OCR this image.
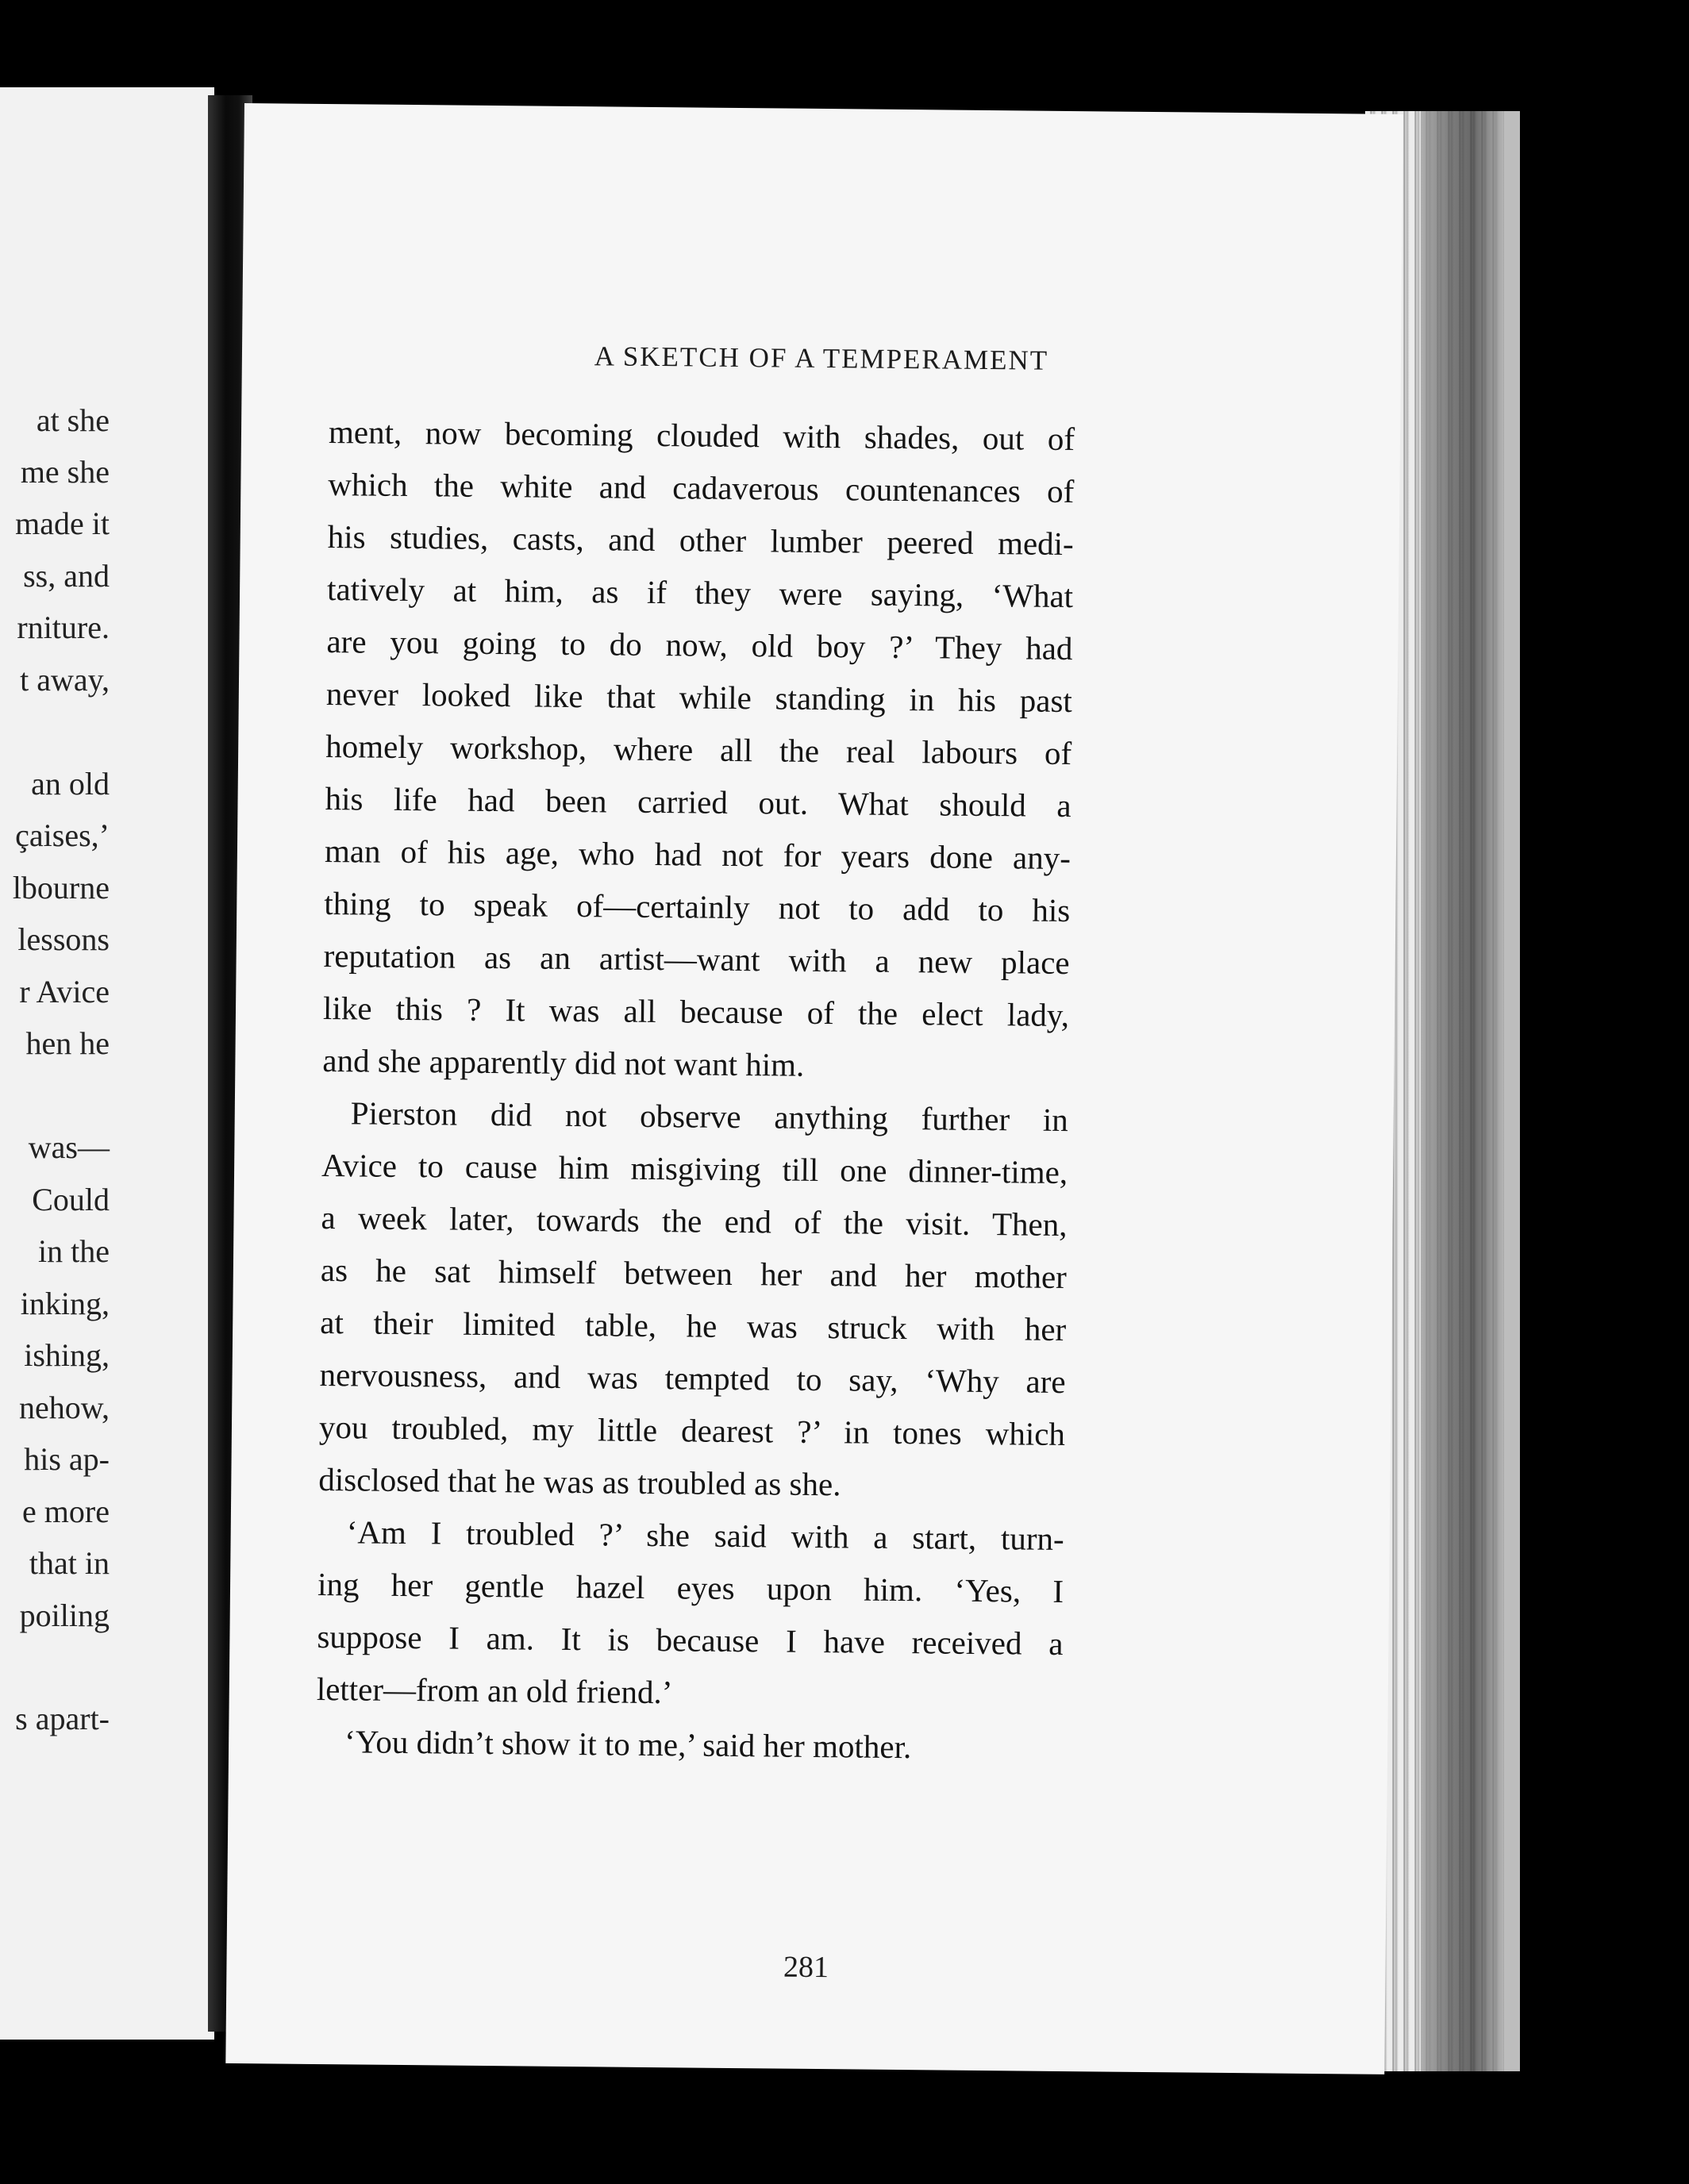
at she
me she
made it
ss, and
rniture.
t away,
an old
çaises,’
lbourne
lessons
r Avice
hen he
was—
Could
in the
inking,
ishing,
nehow,
his ap-
e more
that in
poiling
s apart-
A SKETCH OF A TEMPERAMENT
ment, now becoming clouded with shades, out of
which the white and cadaverous countenances of
his studies, casts, and other lumber peered medi-
tatively at him, as if they were saying, ‘What
are you going to do now, old boy ?’ They had
never looked like that while standing in his past
homely workshop, where all the real labours of
his life had been carried out. What should a
man of his age, who had not for years done any-
thing to speak of—certainly not to add to his
reputation as an artist—want with a new place
like this ? It was all because of the elect lady,
and she apparently did not want him.
Pierston did not observe anything further in
Avice to cause him misgiving till one dinner-time,
a week later, towards the end of the visit. Then,
as he sat himself between her and her mother
at their limited table, he was struck with her
nervousness, and was tempted to say, ‘Why are
you troubled, my little dearest ?’ in tones which
disclosed that he was as troubled as she.
‘Am I troubled ?’ she said with a start, turn-
ing her gentle hazel eyes upon him. ‘Yes, I
suppose I am. It is because I have received a
letter—from an old friend.’
‘You didn’t show it to me,’ said her mother.
281
